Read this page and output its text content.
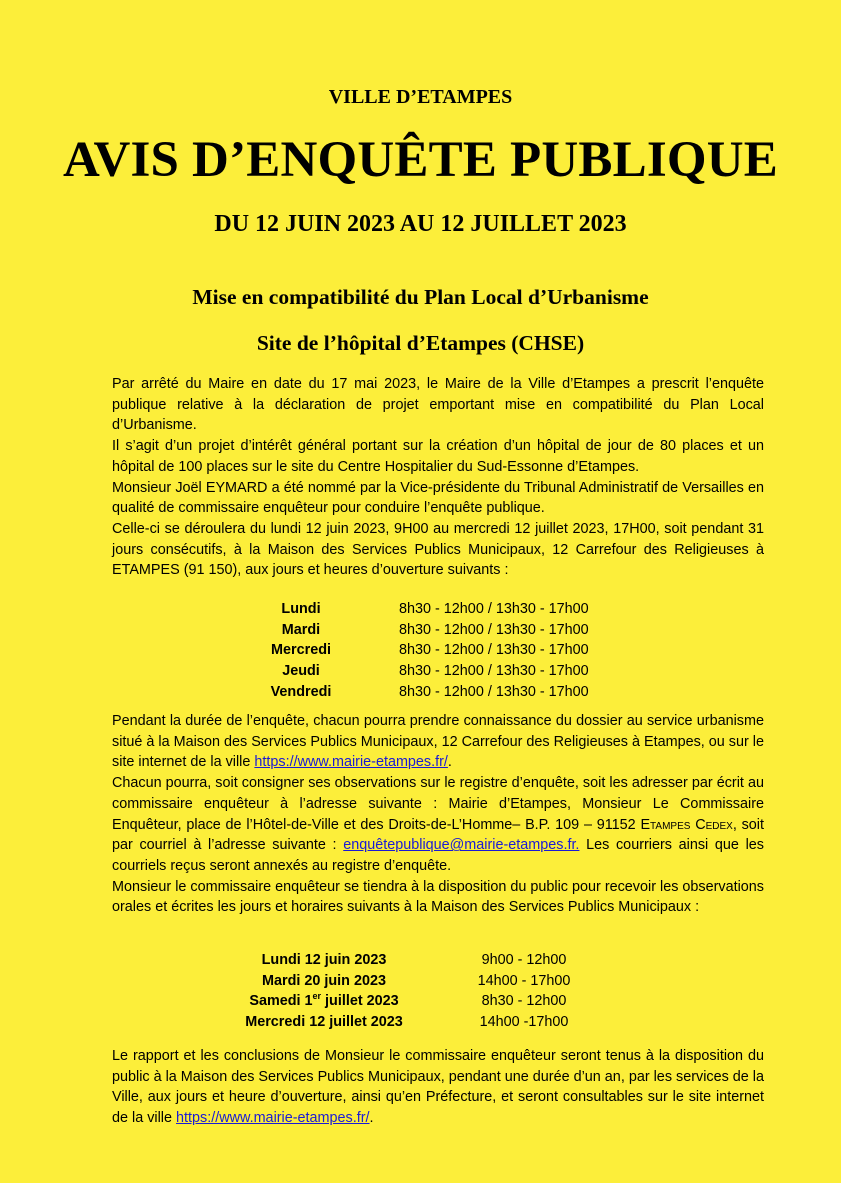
VILLE D’ETAMPES
AVIS D’ENQUÊTE PUBLIQUE
DU 12 JUIN 2023 AU 12 JUILLET 2023
Mise en compatibilité du Plan Local d’Urbanisme
Site de l’hôpital d’Etampes (CHSE)

Par arrêté du Maire en date du 17 mai 2023, le Maire de la Ville d’Etampes a prescrit l’enquête publique relative à la déclaration de projet emportant mise en compatibilité du Plan Local d’Urbanisme.

Il s’agit d’un projet d’intérêt général portant sur la création d’un hôpital de jour de 80 places et un hôpital de 100 places sur le site du Centre Hospitalier du Sud-Essonne d’Etampes.

Monsieur Joël EYMARD a été nommé par la Vice-présidente du Tribunal Administratif de Versailles en qualité de commissaire enquêteur pour conduire l’enquête publique.

Celle-ci se déroulera du lundi 12 juin 2023, 9H00 au mercredi 12 juillet 2023, 17H00, soit pendant 31 jours consécutifs, à la Maison des Services Publics Municipaux, 12 Carrefour des Religieuses à ETAMPES (91 150), aux jours et heures d’ouverture suivants :

Lundi	8h30 - 12h00 / 13h30 - 17h00
Mardi	8h30 - 12h00 / 13h30 - 17h00
Mercredi	8h30 - 12h00 / 13h30 - 17h00
Jeudi	8h30 - 12h00 / 13h30 - 17h00
Vendredi	8h30 - 12h00 / 13h30 - 17h00

Pendant la durée de l’enquête, chacun pourra prendre connaissance du dossier au service urbanisme situé à la Maison des Services Publics Municipaux, 12 Carrefour des Religieuses à Etampes, ou sur le site internet de la ville https://www.mairie-etampes.fr/.

Chacun pourra, soit consigner ses observations sur le registre d’enquête, soit les adresser par écrit au commissaire enquêteur à l’adresse suivante : Mairie d’Etampes, Monsieur Le Commissaire Enquêteur, place de l’Hôtel-de-Ville et des Droits-de-L’Homme– B.P. 109 – 91152 Etampes Cedex, soit par courriel à l’adresse suivante : enquêtepublique@mairie-etampes.fr. Les courriers ainsi que les courriels reçus seront annexés au registre d’enquête.

Monsieur le commissaire enquêteur se tiendra à la disposition du public pour recevoir les observations orales et écrites les jours et horaires suivants à la Maison des Services Publics Municipaux :

Lundi 12 juin 2023	9h00 - 12h00
Mardi 20 juin 2023	14h00 - 17h00
Samedi 1er juillet 2023	8h30 - 12h00
Mercredi 12 juillet 2023	14h00 -17h00

Le rapport et les conclusions de Monsieur le commissaire enquêteur seront tenus à la disposition du public à la Maison des Services Publics Municipaux, pendant une durée d’un an, par les services de la Ville, aux jours et heure d’ouverture, ainsi qu’en Préfecture, et seront consultables sur le site internet de la ville https://www.mairie-etampes.fr/.
